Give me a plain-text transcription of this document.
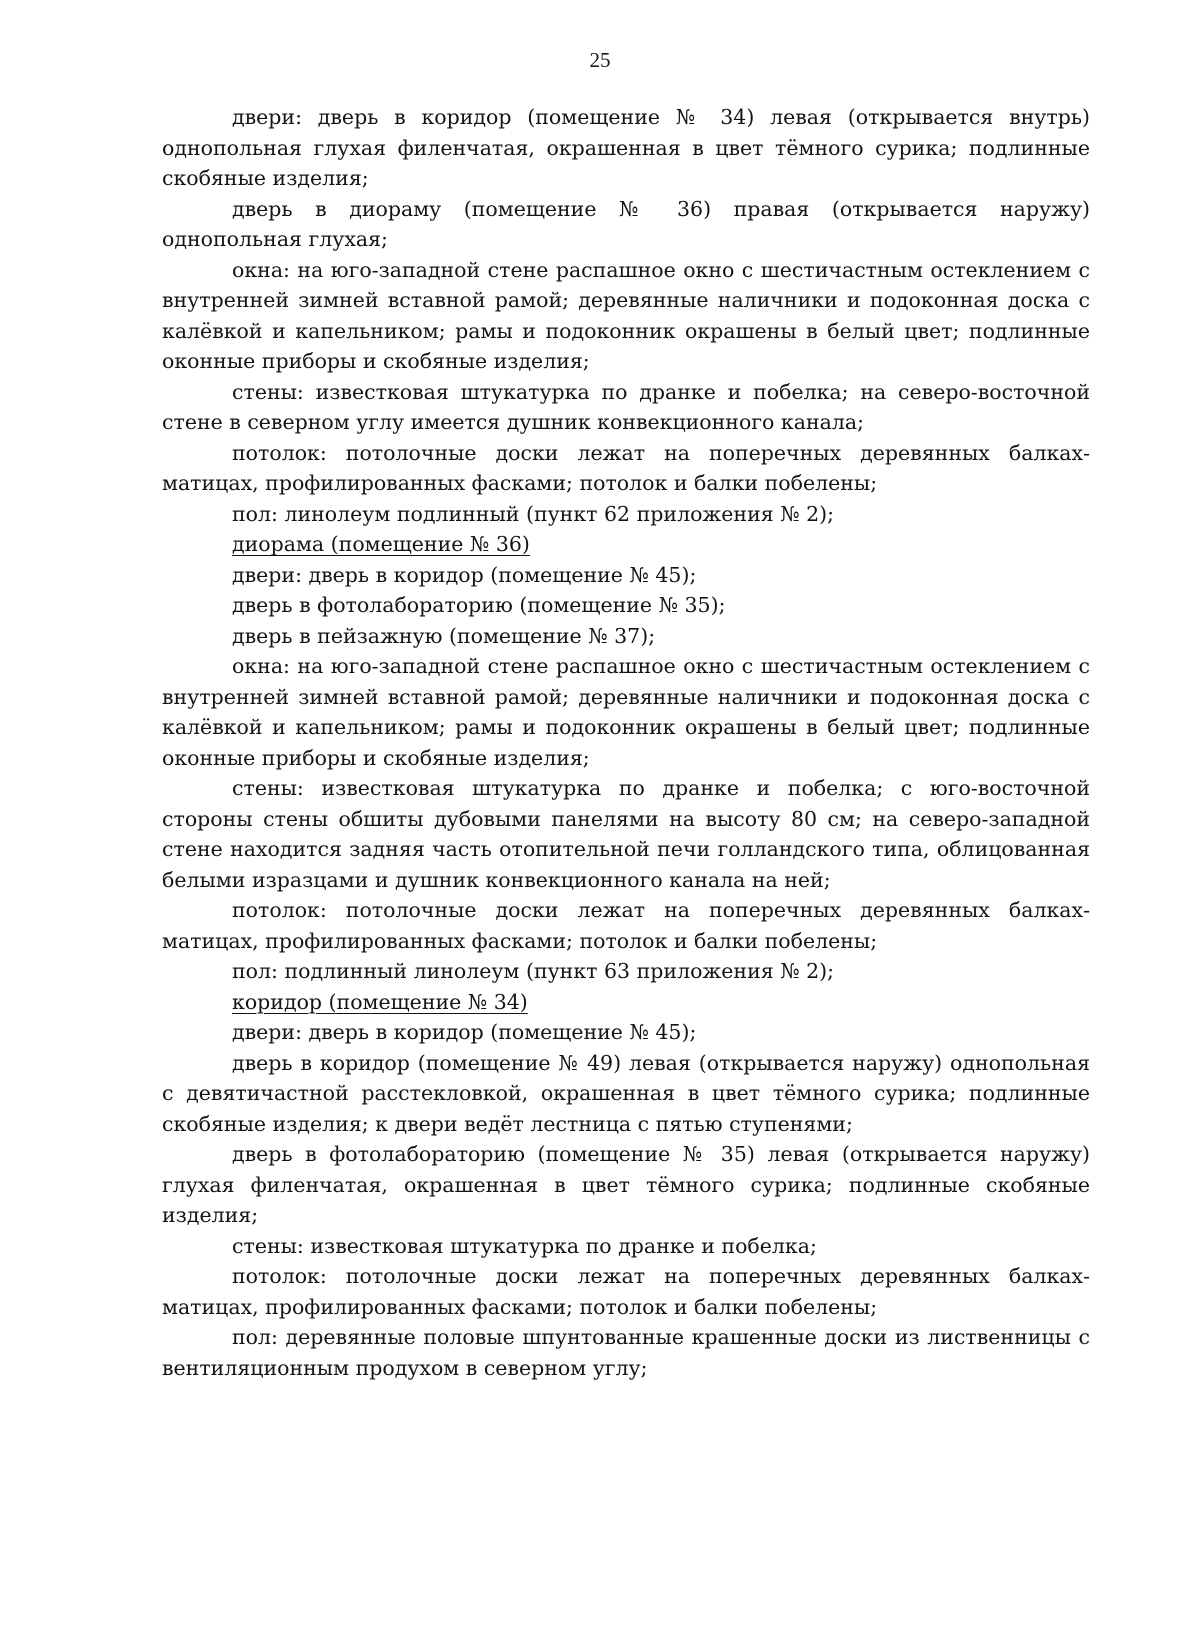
25

двери: дверь в коридор (помещение № 34) левая (открывается внутрь) однопольная глухая филенчатая, окрашенная в цвет тёмного сурика; подлинные скобяные изделия;

дверь в диораму (помещение № 36) правая (открывается наружу) однопольная глухая;

окна: на юго-западной стене распашное окно с шестичастным остеклением с внутренней зимней вставной рамой; деревянные наличники и подоконная доска с калёвкой и капельником; рамы и подоконник окрашены в белый цвет; подлинные оконные приборы и скобяные изделия;

стены: известковая штукатурка по дранке и побелка; на северо-восточной стене в северном углу имеется душник конвекционного канала;

потолок: потолочные доски лежат на поперечных деревянных балках-матицах, профилированных фасками; потолок и балки побелены;

пол: линолеум подлинный (пункт 62 приложения № 2);

диорама (помещение № 36)

двери: дверь в коридор (помещение № 45);

дверь в фотолабораторию (помещение № 35);

дверь в пейзажную (помещение № 37);

окна: на юго-западной стене распашное окно с шестичастным остеклением с внутренней зимней вставной рамой; деревянные наличники и подоконная доска с калёвкой и капельником; рамы и подоконник окрашены в белый цвет; подлинные оконные приборы и скобяные изделия;

стены: известковая штукатурка по дранке и побелка; с юго-восточной стороны стены обшиты дубовыми панелями на высоту 80 см; на северо-западной стене находится задняя часть отопительной печи голландского типа, облицованная белыми изразцами и душник конвекционного канала на ней;

потолок: потолочные доски лежат на поперечных деревянных балках-матицах, профилированных фасками; потолок и балки побелены;

пол: подлинный линолеум (пункт 63 приложения № 2);

коридор (помещение № 34)

двери: дверь в коридор (помещение № 45);

дверь в коридор (помещение № 49) левая (открывается наружу) однопольная с девятичастной расстекловкой, окрашенная в цвет тёмного сурика; подлинные скобяные изделия; к двери ведёт лестница с пятью ступенями;

дверь в фотолабораторию (помещение № 35) левая (открывается наружу) глухая филенчатая, окрашенная в цвет тёмного сурика; подлинные скобяные изделия;

стены: известковая штукатурка по дранке и побелка;

потолок: потолочные доски лежат на поперечных деревянных балках-матицах, профилированных фасками; потолок и балки побелены;

пол: деревянные половые шпунтованные крашенные доски из лиственницы с вентиляционным продухом в северном углу;
